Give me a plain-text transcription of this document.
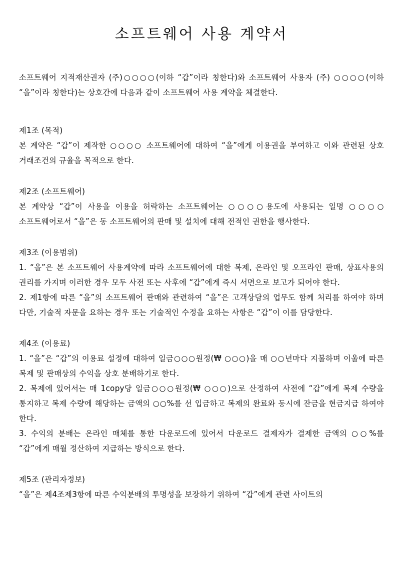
소프트웨어 사용 계약서

소프트웨어 지적재산권자 (주)○○○○(이하 “갑”이라 칭한다)와 소프트웨어 사용자 (주) ○○○○(이하 “을”이라 칭한다)는 상호간에 다음과 같이 소프트웨어 사용 계약을 체결한다.

제1조 (목적)

본 계약은 “갑”이 제작한 ○○○○ 소프트웨어에 대하여 “을”에게 이용권을 부여하고 이와 관련된 상호 거래조건의 규율을 목적으로 한다.

제2조 (소프트웨어)

본 계약상 “갑”이 사용을 이용을 허락하는 소프트웨어는 ○○○○용도에 사용되는 일명 ○○○○ 소프트웨어로서 “을”은 동 소프트웨어의 판매 및 설치에 대해 전적인 권한을 행사한다.

제3조 (이용범위)

1. “을”은 본 소프트웨어 사용계약에 따라 소프트웨어에 대한 복제, 온라인 및 오프라인 판매, 상표사용의 권리를 가지며 이러한 경우 모두 사전 또는 사후에 “갑”에게 즉시 서면으로 보고가 되어야 한다.

2. 제1항에 따른 “을”의 소프트웨어 판매와 관련하여 “을”은 고객상담의 업무도 함께 처리를 하여야 하며 다만, 기술적 자문을 요하는 경우 또는 기술적인 수정을 요하는 사항은 “갑”이 이를 담당한다.

제4조 (이용료)

1. “을”은 “갑”의 이용료 설정에 대하여 일금○○○원정(₩ ○○○)을 매 ○○년마다 지불하며 이울에 따른 복제 및 판매상의 수익을 상호 분배하기로 한다.

2. 복제에 있어서는 매 1copy당 일금○○○원정(₩ ○○○)으로 산정하여 사전에 “갑”에게 복제 수량을 통지하고 복제 수량에 해당하는 금액의 ○○%를 선 입금하고 복제의 완료와 동시에 잔금을 현금지급 하여야 한다.

3. 수익의 분배는 온라인 매체를 통한 다운로드에 있어서 다운로드 결제자가 결제한 금액의 ○○%를 “갑”에게 매월 정산하여 지급하는 방식으로 한다.

제5조 (관리자정보)

“을”은 제4조제3항에 따른 수익분배의 투명성을 보장하기 위하여 “갑”에게 관련 사이트의
